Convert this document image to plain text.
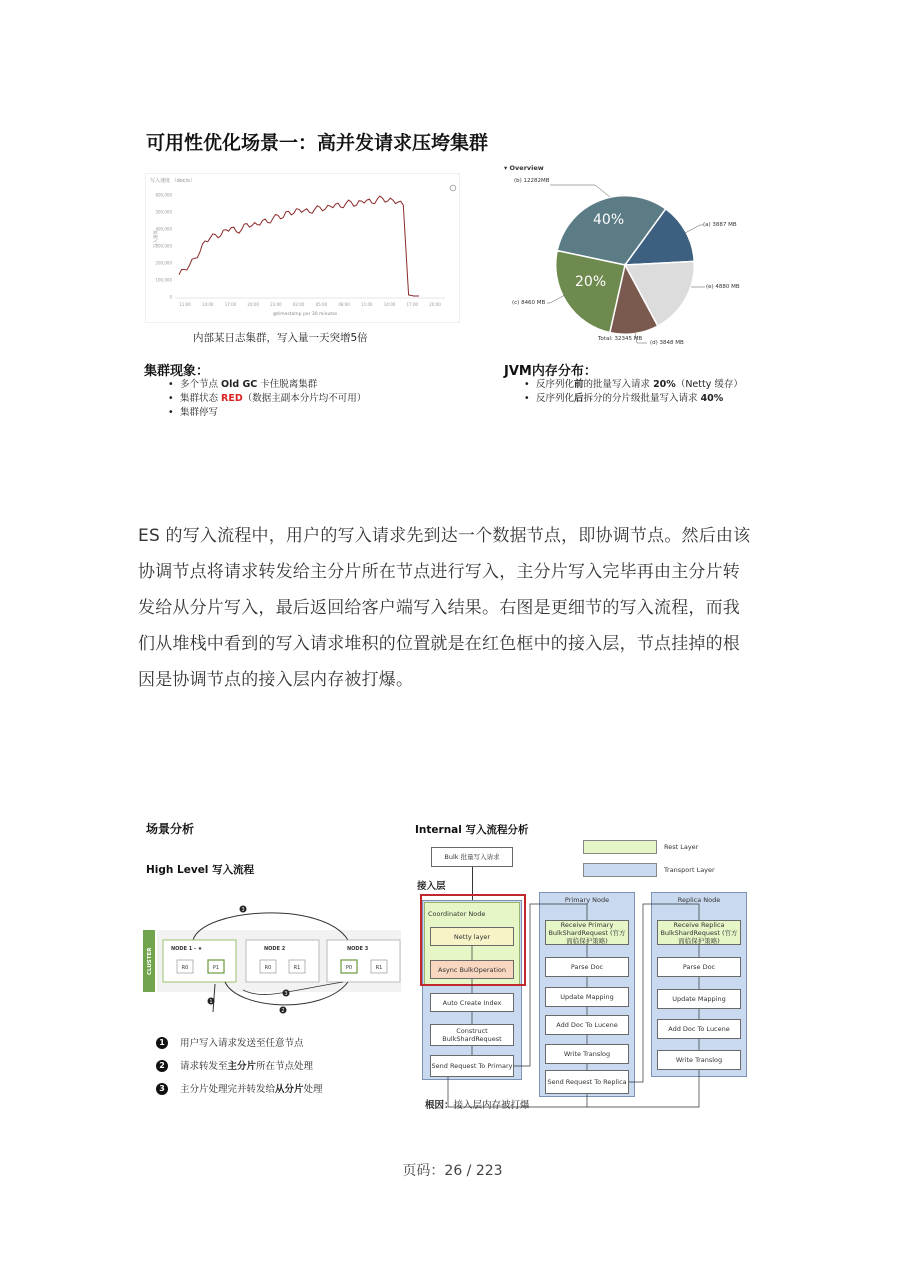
可用性优化场景一：高并发请求压垮集群
写入速度 （doc/s）
写入速度
600,000
500,000
400,000
300,000
200,000
100,000
0
11:00	14:00	17:00	20:00	23:00	02:00	05:00	08:00	11:00	14:00	17:00	20:00
@timestamp per 30 minutes
内部某日志集群，写入量一天突增5倍
▾ Overview
(b) 12282MB
(a) 3887 MB
(e) 4880 MB
(d) 3848 MB
(c) 8460 MB
40%
20%
Total: 32345 MB
集群现象：
• 多个节点 Old GC 卡住脱离集群
• 集群状态 RED（数据主副本分片均不可用）
• 集群停写
JVM内存分布：
• 反序列化前的批量写入请求 20%（Netty 缓存）
• 反序列化后拆分的分片级批量写入请求 40%
ES 的写入流程中，用户的写入请求先到达一个数据节点，即协调节点。然后由该
协调节点将请求转发给主分片所在节点进行写入，主分片写入完毕再由主分片转
发给从分片写入，最后返回给客户端写入结果。右图是更细节的写入流程，而我
们从堆栈中看到的写入请求堆积的位置就是在红色框中的接入层，节点挂掉的根
因是协调节点的接入层内存被打爆。
场景分析
High Level 写入流程
CLUSTER
3
NODE 1 - ★
R0	P1
NODE 2
R0	R1
NODE 3
P0	R1
2
3
1
1	用户写入请求发送至任意节点
2	请求转发至主分片所在节点处理
3	主分片处理完并转发给从分片处理
Internal 写入流程分析
Rest Layer
Transport Layer
Bulk 批量写入请求
接入层
Coordinator Node
Netty layer
Async BulkOperation
Auto Create Index
Construct BulkShardRequest
Send Request To Primary
Primary Node
Receive Primary BulkShardRequest (官方面临保护策略)
Parse Doc
Update Mapping
Add Doc To Lucene
Write Translog
Send Request To Replica
Replica Node
Receive Replica BulkShardRequest (官方面临保护策略)
Parse Doc
Update Mapping
Add Doc To Lucene
Write Translog
根因：接入层内存被打爆
页码：26 / 223
